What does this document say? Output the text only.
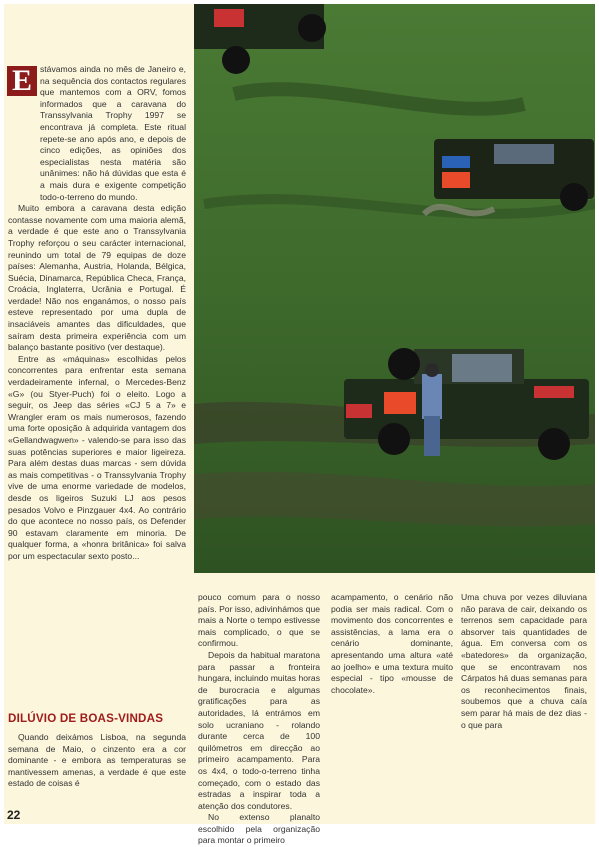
E stávamos ainda no mês de Janeiro e, na sequência dos contactos regulares que mantemos com a ORV, fomos informados que a caravana do Transsylvania Trophy 1997 se encontrava já completa. Este ritual repete-se ano após ano, e depois de cinco edições, as opiniões dos especialistas nesta matéria são unânimes: não há dúvidas que esta é a mais dura e exigente competição todo-o-terreno do mundo.

Muito embora a caravana desta edição contasse novamente com uma maioria alemã, a verdade é que este ano o Transsylvania Trophy reforçou o seu carácter internacional, reunindo um total de 79 equipas de doze países: Alemanha, Austria, Holanda, Bélgica, Suécia, Dinamarca, República Checa, França, Croácia, Inglaterra, Ucrânia e Portugal. É verdade! Não nos enganámos, o nosso país esteve representado por uma dupla de insaciáveis amantes das dificuldades, que saíram desta primeira experiência com um balanço bastante positivo (ver destaque).

Entre as «máquinas» escolhidas pelos concorrentes para enfrentar esta semana verdadeiramente infernal, o Mercedes-Benz «G» (ou Styer-Puch) foi o eleito. Logo a seguir, os Jeep das séries «CJ 5 a 7» e Wrangler eram os mais numerosos, fazendo uma forte oposição à adquirida vantagem dos «Gellandwagwen» - valendo-se para isso das suas potências superiores e maior ligeireza. Para além destas duas marcas - sem dúvida as mais competitivas - o Transsylvania Trophy vive de uma enorme variedade de modelos, desde os ligeiros Suzuki LJ aos pesos pesados Volvo e Pinzgauer 4x4. Ao contrário do que acontece no nosso país, os Defender 90 estavam claramente em minoria. De qualquer forma, a «honra britânica» foi salva por um espectacular sexto posto...

DILÚVIO DE BOAS-VINDAS

Quando deixámos Lisboa, na segunda semana de Maio, o cinzento era a cor dominante - e embora as temperaturas se mantivessem amenas, a verdade é que este estado de coisas é

pouco comum para o nosso país. Por isso, adivinhámos que mais a Norte o tempo estivesse mais complicado, o que se confirmou.

Depois da habitual maratona para passar a fronteira hungara, incluindo muitas horas de burocracia e algumas gratificações para as autoridades, lá entrámos em solo ucraniano - rolando durante cerca de 100 quilómetros em direcção ao primeiro acampamento. Para os 4x4, o todo-o-terreno tinha começado, com o estado das estradas a inspirar toda a atenção dos condutores.

No extenso planalto escolhido pela organização para montar o primeiro

acampamento, o cenário não podia ser mais radical. Com o movimento dos concorrentes e assistências, a lama era o cenário dominante, apresentando uma altura «até ao joelho» e uma textura muito especial - tipo «mousse de chocolate».

Uma chuva por vezes diluviana não parava de cair, deixando os terrenos sem capacidade para absorver tais quantidades de água. Em conversa com os «batedores» da organização, que se encontravam nos Cárpatos há duas semanas para os reconhecimentos finais, soubemos que a chuva caía sem parar há mais de dez dias - o que para

22
